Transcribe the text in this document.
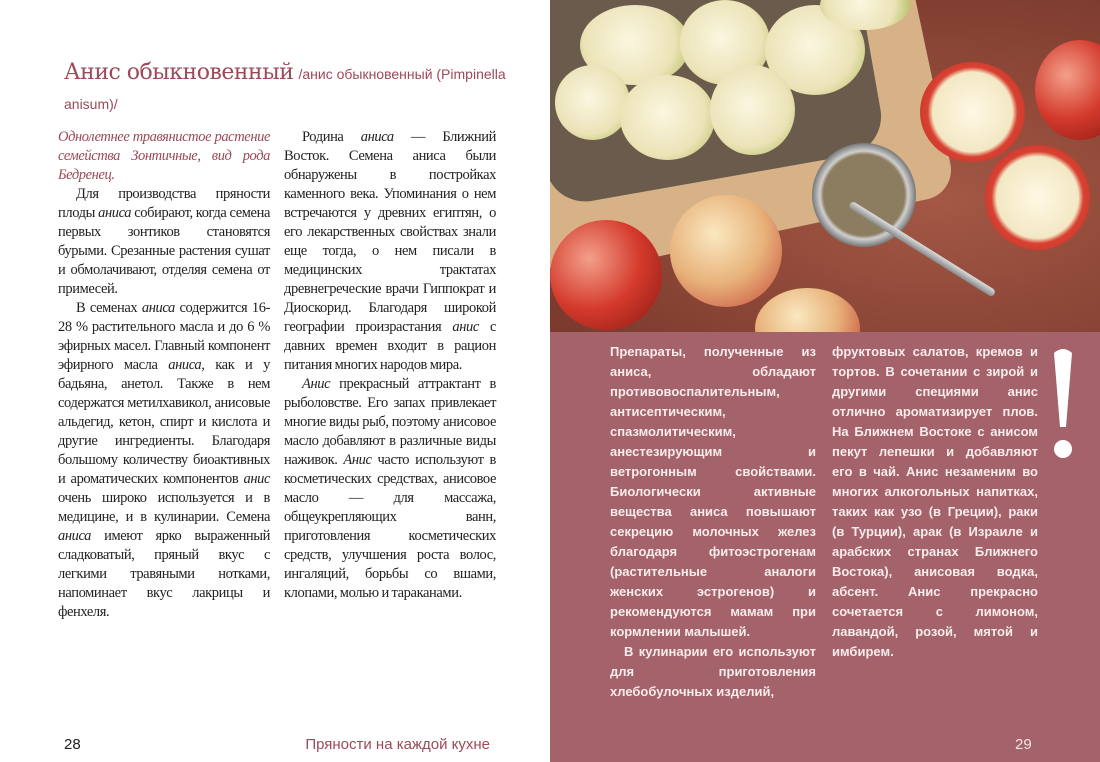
Анис обыкновенный /анис обыкновенный (Pimpinella anisum)/

Однолетнее травянистое растение семейства Зонтичные, вид рода Бедренец.

Для производства пряности плоды аниса собирают, когда семена первых зонтиков становятся бурыми. Срезанные растения сушат и обмолачивают, отделяя семена от примесей.

В семенах аниса содержится 16-28 % растительного масла и до 6 % эфирных масел. Главный компонент эфирного масла аниса, как и у бадьяна, анетол. Также в нем содержатся метилхавикол, анисовые альдегид, кетон, спирт и кислота и другие ингредиенты. Благодаря большому количеству биоактивных и ароматических компонентов анис очень широко используется и в медицине, и в кулинарии. Семена аниса имеют ярко выраженный сладковатый, пряный вкус с легкими травяными нотками, напоминает вкус лакрицы и фенхеля.

Родина аниса — Ближний Восток. Семена аниса были обнаружены в постройках каменного века. Упоминания о нем встречаются у древних египтян, о его лекарственных свойствах знали еще тогда, о нем писали в медицинских трактатах древнегреческие врачи Гиппократ и Диоскорид. Благодаря широкой географии произрастания анис с давних времен входит в рацион питания многих народов мира.

Анис прекрасный аттрактант в рыболовстве. Его запах привлекает многие виды рыб, поэтому анисовое масло добавляют в различные виды наживок. Анис часто используют в косметических средствах, анисовое масло — для массажа, общеукрепляющих ванн, приготовления косметических средств, улучшения роста волос, ингаляций, борьбы со вшами, клопами, молью и тараканами.

28	Пряности на каждой кухне

Препараты, полученные из аниса, обладают противовоспалительным, антисептическим, спазмолитическим, анестезирующим и ветрогонным свойствами. Биологически активные вещества аниса повышают секрецию молочных желез благодаря фитоэстрогенам (растительные аналоги женских эстрогенов) и рекомендуются мамам при кормлении малышей.

В кулинарии его используют для приготовления хлебобулочных изделий,

фруктовых салатов, кремов и тортов. В сочетании с зирой и другими специями анис отлично ароматизирует плов. На Ближнем Востоке с анисом пекут лепешки и добавляют его в чай. Анис незаменим во многих алкогольных напитках, таких как узо (в Греции), раки (в Турции), арак (в Израиле и арабских странах Ближнего Востока), анисовая водка, абсент. Анис прекрасно сочетается с лимоном, лавандой, розой, мятой и имбирем.

29
